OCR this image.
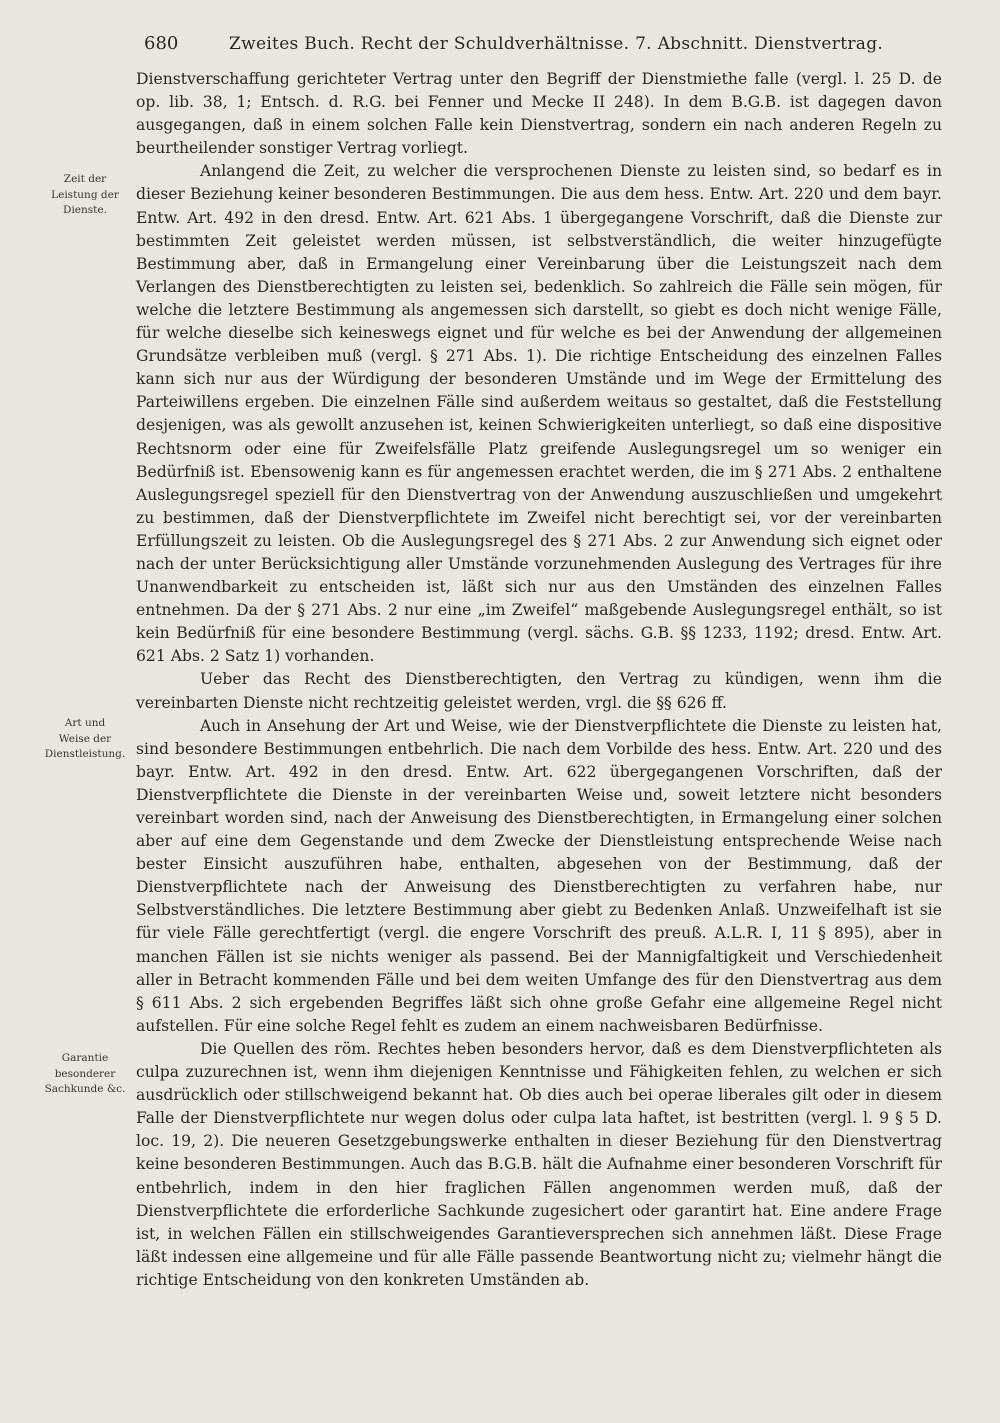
680	Zweites Buch. Recht der Schuldverhältnisse. 7. Abschnitt. Dienstvertrag.
Zeit der
Leistung der
Dienste.
Art und
Weise der
Dienstleistung.
Garantie
besonderer
Sachkunde &c.

Dienstverschaffung gerichteter Vertrag unter den Begriff der Dienstmiethe falle (vergl. l. 25 D. de op. lib. 38, 1; Entsch. d. R.G. bei Fenner und Mecke II 248). In dem B.G.B. ist dagegen davon ausgegangen, daß in einem solchen Falle kein Dienstvertrag, sondern ein nach anderen Regeln zu beurtheilender sonstiger Vertrag vorliegt.

Anlangend die Zeit, zu welcher die versprochenen Dienste zu leisten sind, so bedarf es in dieser Beziehung keiner besonderen Bestimmungen. Die aus dem hess. Entw. Art. 220 und dem bayr. Entw. Art. 492 in den dresd. Entw. Art. 621 Abs. 1 übergegangene Vorschrift, daß die Dienste zur bestimmten Zeit geleistet werden müssen, ist selbstverständlich, die weiter hinzugefügte Bestimmung aber, daß in Ermangelung einer Vereinbarung über die Leistungszeit nach dem Verlangen des Dienstberechtigten zu leisten sei, bedenklich. So zahlreich die Fälle sein mögen, für welche die letztere Bestimmung als angemessen sich darstellt, so giebt es doch nicht wenige Fälle, für welche dieselbe sich keineswegs eignet und für welche es bei der Anwendung der allgemeinen Grundsätze verbleiben muß (vergl. § 271 Abs. 1). Die richtige Entscheidung des einzelnen Falles kann sich nur aus der Würdigung der besonderen Umstände und im Wege der Ermittelung des Parteiwillens ergeben. Die einzelnen Fälle sind außerdem weitaus so gestaltet, daß die Feststellung desjenigen, was als gewollt anzusehen ist, keinen Schwierigkeiten unterliegt, so daß eine dispositive Rechtsnorm oder eine für Zweifelsfälle Platz greifende Auslegungsregel um so weniger ein Bedürfniß ist. Ebensowenig kann es für angemessen erachtet werden, die im § 271 Abs. 2 enthaltene Auslegungsregel speziell für den Dienstvertrag von der Anwendung auszuschließen und umgekehrt zu bestimmen, daß der Dienstverpflichtete im Zweifel nicht berechtigt sei, vor der vereinbarten Erfüllungszeit zu leisten. Ob die Auslegungsregel des § 271 Abs. 2 zur Anwendung sich eignet oder nach der unter Berücksichtigung aller Umstände vorzunehmenden Auslegung des Vertrages für ihre Unanwendbarkeit zu entscheiden ist, läßt sich nur aus den Umständen des einzelnen Falles entnehmen. Da der § 271 Abs. 2 nur eine „im Zweifel“ maßgebende Auslegungsregel enthält, so ist kein Bedürfniß für eine besondere Bestimmung (vergl. sächs. G.B. §§ 1233, 1192; dresd. Entw. Art. 621 Abs. 2 Satz 1) vorhanden.

Ueber das Recht des Dienstberechtigten, den Vertrag zu kündigen, wenn ihm die vereinbarten Dienste nicht rechtzeitig geleistet werden, vrgl. die §§ 626 ff.

Auch in Ansehung der Art und Weise, wie der Dienstverpflichtete die Dienste zu leisten hat, sind besondere Bestimmungen entbehrlich. Die nach dem Vorbilde des hess. Entw. Art. 220 und des bayr. Entw. Art. 492 in den dresd. Entw. Art. 622 übergegangenen Vorschriften, daß der Dienstverpflichtete die Dienste in der vereinbarten Weise und, soweit letztere nicht besonders vereinbart worden sind, nach der Anweisung des Dienstberechtigten, in Ermangelung einer solchen aber auf eine dem Gegenstande und dem Zwecke der Dienstleistung entsprechende Weise nach bester Einsicht auszuführen habe, enthalten, abgesehen von der Bestimmung, daß der Dienstverpflichtete nach der Anweisung des Dienstberechtigten zu verfahren habe, nur Selbstverständliches. Die letztere Bestimmung aber giebt zu Bedenken Anlaß. Unzweifelhaft ist sie für viele Fälle gerechtfertigt (vergl. die engere Vorschrift des preuß. A.L.R. I, 11 § 895), aber in manchen Fällen ist sie nichts weniger als passend. Bei der Mannigfaltigkeit und Verschiedenheit aller in Betracht kommenden Fälle und bei dem weiten Umfange des für den Dienstvertrag aus dem § 611 Abs. 2 sich ergebenden Begriffes läßt sich ohne große Gefahr eine allgemeine Regel nicht aufstellen. Für eine solche Regel fehlt es zudem an einem nachweisbaren Bedürfnisse.

Die Quellen des röm. Rechtes heben besonders hervor, daß es dem Dienstverpflichteten als culpa zuzurechnen ist, wenn ihm diejenigen Kenntnisse und Fähigkeiten fehlen, zu welchen er sich ausdrücklich oder stillschweigend bekannt hat. Ob dies auch bei operae liberales gilt oder in diesem Falle der Dienstverpflichtete nur wegen dolus oder culpa lata haftet, ist bestritten (vergl. l. 9 § 5 D. loc. 19, 2). Die neueren Gesetzgebungswerke enthalten in dieser Beziehung für den Dienstvertrag keine besonderen Bestimmungen. Auch das B.G.B. hält die Aufnahme einer besonderen Vorschrift für entbehrlich, indem in den hier fraglichen Fällen angenommen werden muß, daß der Dienstverpflichtete die erforderliche Sachkunde zugesichert oder garantirt hat. Eine andere Frage ist, in welchen Fällen ein stillschweigendes Garantieversprechen sich annehmen läßt. Diese Frage läßt indessen eine allgemeine und für alle Fälle passende Beantwortung nicht zu; vielmehr hängt die richtige Entscheidung von den konkreten Umständen ab.
